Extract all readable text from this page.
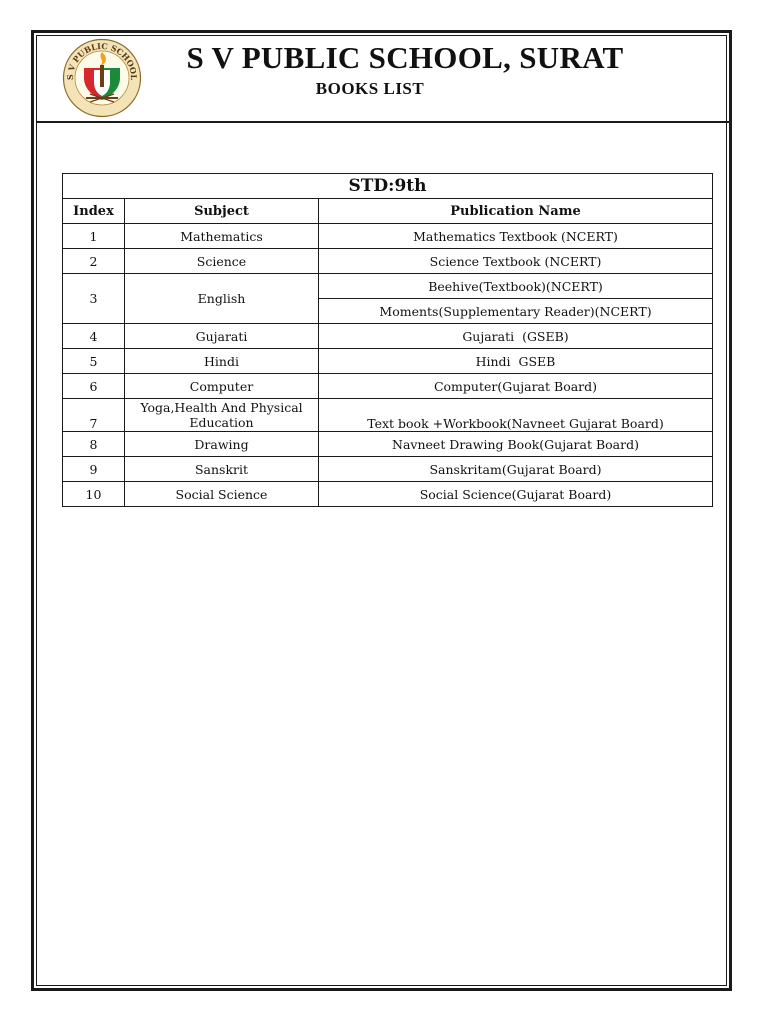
S V PUBLIC SCHOOL
S V PUBLIC SCHOOL, SURAT
BOOKS LIST
STD:9th		
Index	Subject	Publication Name
1	Mathematics	Mathematics Textbook (NCERT)
2	Science	Science Textbook (NCERT)
3	English	Beehive(Textbook)(NCERT)
		Moments(Supplementary Reader)(NCERT)
4	Gujarati	Gujarati  (GSEB)
5	Hindi	Hindi  GSEB
6	Computer	Computer(Gujarat Board)
7	Yoga,Health And Physical Education	Text book +Workbook(Navneet Gujarat Board)
8	Drawing	Navneet Drawing Book(Gujarat Board)
9	Sanskrit	Sanskritam(Gujarat Board)
10	Social Science	Social Science(Gujarat Board)
